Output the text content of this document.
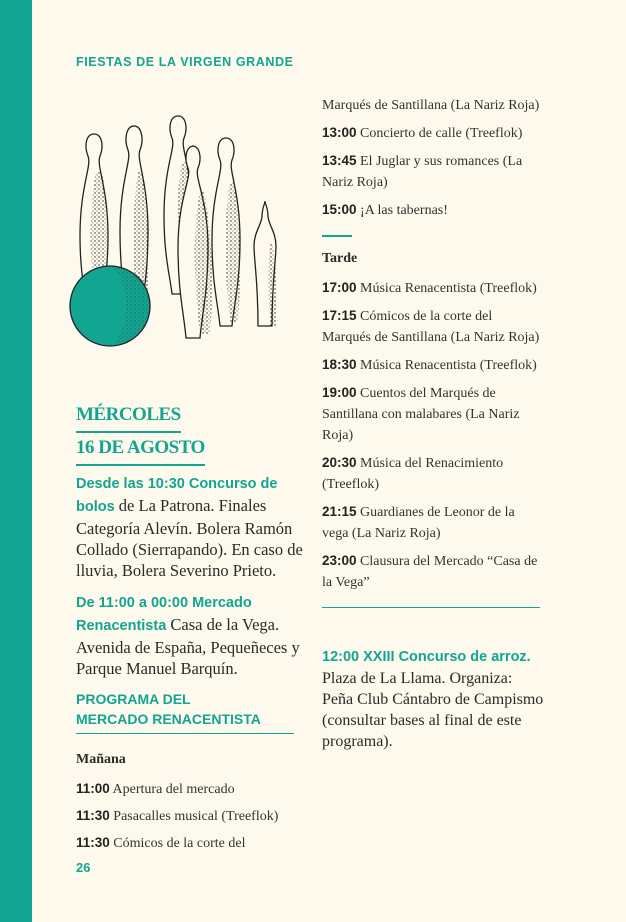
FIESTAS DE LA VIRGEN GRANDE
MÉRCOLES
16 DE AGOSTO

Desde las 10:30 Concurso de bolos de La Patrona. Finales Categoría Alevín. Bolera Ramón Collado (Sierrapando). En caso de lluvia, Bolera Severino Prieto.

De 11:00 a 00:00 Mercado Renacentista Casa de la Vega. Avenida de España, Pequeñeces y Parque Manuel Barquín.

PROGRAMA DEL
MERCADO RENACENTISTA
Mañana
11:00 Apertura del mercado
11:30 Pasacalles musical (Treeflok)
11:30 Cómicos de la corte del
Marqués de Santillana (La Nariz Roja)
13:00 Concierto de calle (Treeflok)
13:45 El Juglar y sus romances (La Nariz Roja)
15:00 ¡A las tabernas!
Tarde
17:00 Música Renacentista (Treeflok)
17:15 Cómicos de la corte del Marqués de Santillana (La Nariz Roja)
18:30 Música Renacentista (Treeflok)
19:00 Cuentos del Marqués de Santillana con malabares (La Nariz Roja)
20:30 Música del Renacimiento (Treeflok)
21:15 Guardianes de Leonor de la vega (La Nariz Roja)
23:00 Clausura del Mercado “Casa de la Vega”

12:00 XXIII Concurso de arroz. Plaza de La Llama. Organiza: Peña Club Cántabro de Campismo (consultar bases al final de este programa).

26
